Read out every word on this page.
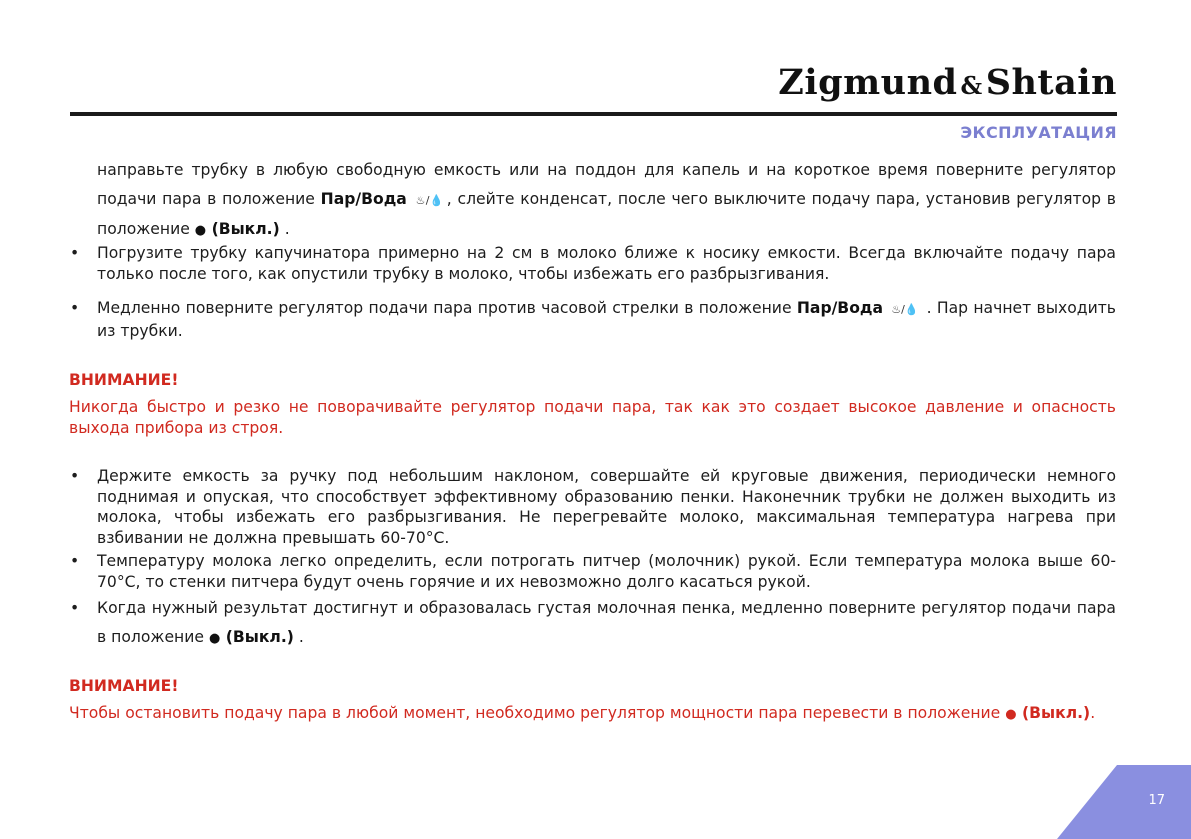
Zigmund &Shtain
ЭКСПЛУАТАЦИЯ
направьте трубку в любую свободную емкость или на поддон для капель и на короткое время поверните регулятор подачи пара в положение Пар/Вода ♨/💧 , слейте конденсат, после чего выключите подачу пара, установив регулятор в положение ● (Выкл.) .
• Погрузите трубку капучинатора примерно на 2 см в молоко ближе к носику емкости. Всегда включайте подачу пара только после того, как опустили трубку в молоко, чтобы избежать его разбрызгивания.
• Медленно поверните регулятор подачи пара против часовой стрелки в положение Пар/Вода ♨/💧 . Пар начнет выходить из трубки.
ВНИМАНИЕ!
Никогда быстро и резко не поворачивайте регулятор подачи пара, так как это создает высокое давление и опасность выхода прибора из строя.
• Держите емкость за ручку под небольшим наклоном, совершайте ей круговые движения, периодически немного поднимая и опуская, что способствует эффективному образованию пенки. Наконечник трубки не должен выходить из молока, чтобы избежать его разбрызгивания. Не перегревайте молоко, максимальная температура нагрева при взбивании не должна превышать 60-70°С.
• Температуру молока легко определить, если потрогать питчер (молочник) рукой. Если температура молока выше 60-70°С, то стенки питчера будут очень горячие и их невозможно долго касаться рукой.
• Когда нужный результат достигнут и образовалась густая молочная пенка, медленно поверните регулятор подачи пара в положение ● (Выкл.) .
ВНИМАНИЕ!
Чтобы остановить подачу пара в любой момент, необходимо регулятор мощности пара перевести в положение ● (Выкл.).
17
